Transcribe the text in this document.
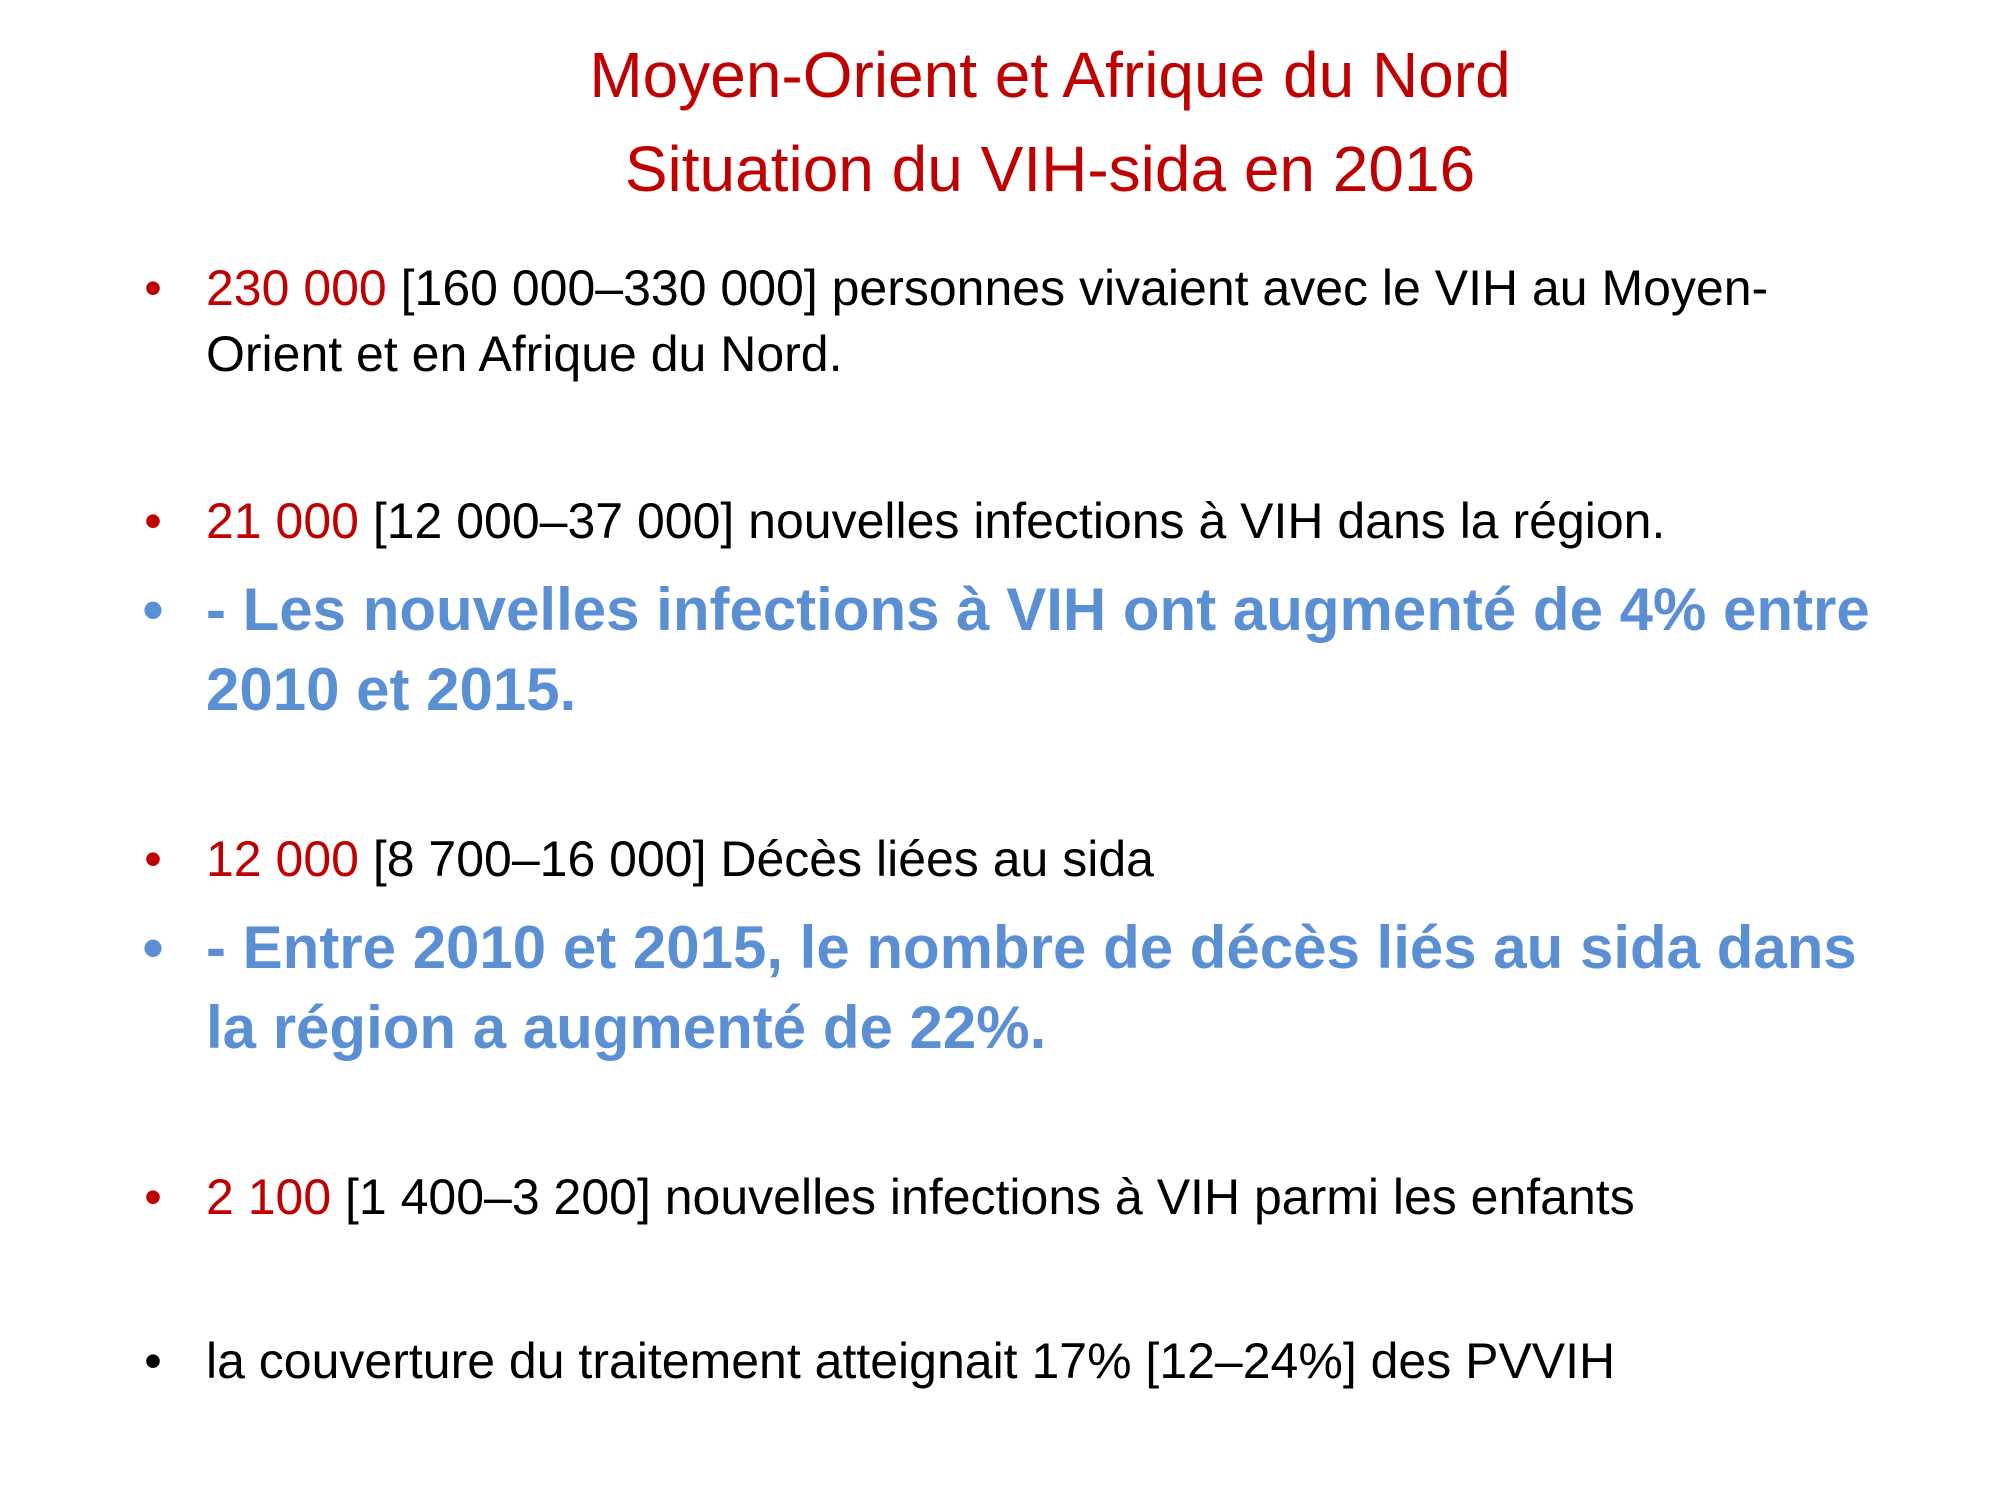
Moyen-Orient et Afrique du Nord
Situation du VIH-sida en 2016
• 230 000 [160 000–330 000] personnes vivaient avec le VIH au Moyen-Orient et en Afrique du Nord.
• 21 000 [12 000–37 000] nouvelles infections à VIH dans la région.
• - Les nouvelles infections à VIH ont augmenté de 4% entre 2010 et 2015.
• 12 000 [8 700–16 000] Décès liées au sida
• - Entre 2010 et 2015, le nombre de décès liés au sida dans la région a augmenté de 22%.
• 2 100 [1 400–3 200] nouvelles infections à VIH parmi les enfants
• la couverture du traitement atteignait 17% [12–24%] des PVVIH
